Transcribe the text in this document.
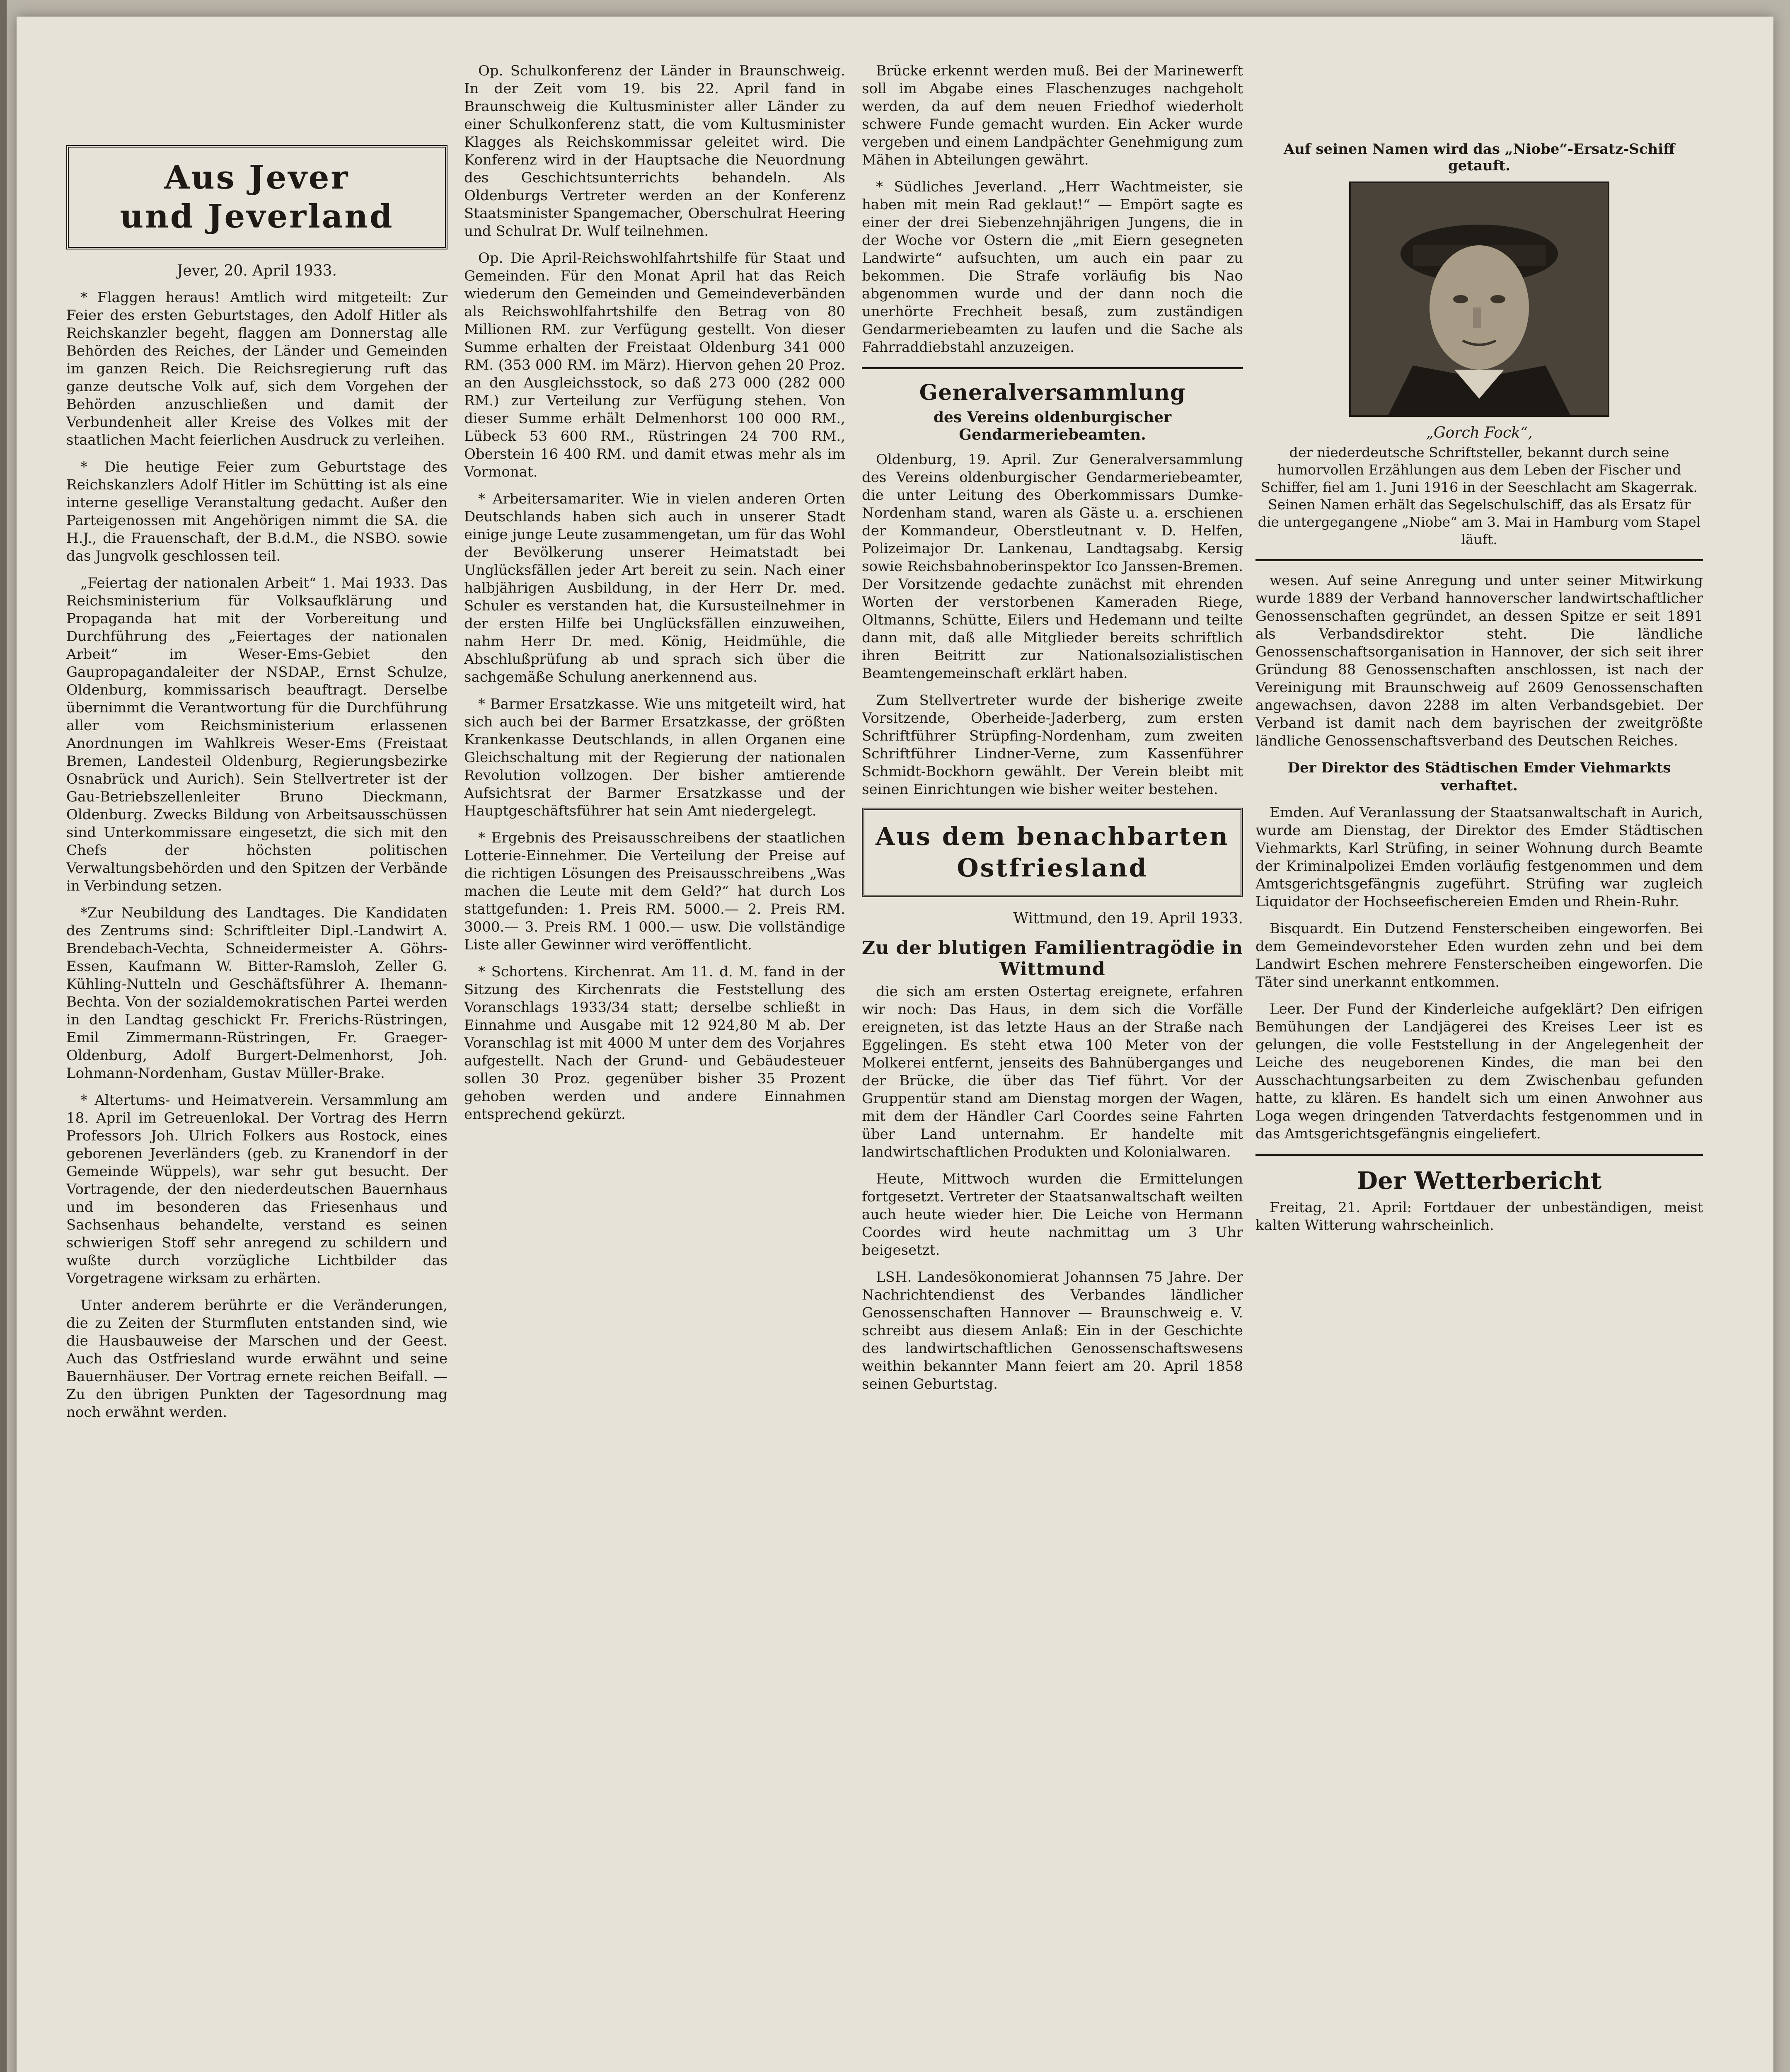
Aus Jever
und Jeverland

Jever, 20. April 1933.

* Flaggen heraus! Amtlich wird mitgeteilt: Zur Feier des ersten Geburtstages, den Adolf Hitler als Reichskanzler begeht, flaggen am Donnerstag alle Behörden des Reiches, der Länder und Gemeinden im ganzen Reich. Die Reichsregierung ruft das ganze deutsche Volk auf, sich dem Vorgehen der Behörden anzuschließen und damit der Verbundenheit aller Kreise des Volkes mit der staatlichen Macht feierlichen Ausdruck zu verleihen.

* Die heutige Feier zum Geburtstage des Reichskanzlers Adolf Hitler im Schütting ist als eine interne gesellige Veranstaltung gedacht. Außer den Parteigenossen mit Angehörigen nimmt die SA. die H.J., die Frauenschaft, der B.d.M., die NSBO. sowie das Jungvolk geschlossen teil.

„Feiertag der nationalen Arbeit“ 1. Mai 1933. Das Reichsministerium für Volksaufklärung und Propaganda hat mit der Vorbereitung und Durchführung des „Feiertages der nationalen Arbeit“ im Weser-Ems-Gebiet den Gaupropagandaleiter der NSDAP., Ernst Schulze, Oldenburg, kommissarisch beauftragt. Derselbe übernimmt die Verantwortung für die Durchführung aller vom Reichsministerium erlassenen Anordnungen im Wahlkreis Weser-Ems (Freistaat Bremen, Landesteil Oldenburg, Regierungsbezirke Osnabrück und Aurich). Sein Stellvertreter ist der Gau-Betriebszellenleiter Bruno Dieckmann, Oldenburg. Zwecks Bildung von Arbeitsausschüssen sind Unterkommissare eingesetzt, die sich mit den Chefs der höchsten politischen Verwaltungsbehörden und den Spitzen der Verbände in Verbindung setzen.

*Zur Neubildung des Landtages. Die Kandidaten des Zentrums sind: Schriftleiter Dipl.-Landwirt A. Brendebach-Vechta, Schneidermeister A. Göhrs-Essen, Kaufmann W. Bitter-Ramsloh, Zeller G. Kühling-Nutteln und Geschäftsführer A. Ihemann-Bechta. Von der sozialdemokratischen Partei werden in den Landtag geschickt Fr. Frerichs-Rüstringen, Emil Zimmermann-Rüstringen, Fr. Graeger-Oldenburg, Adolf Burgert-Delmenhorst, Joh. Lohmann-Nordenham, Gustav Müller-Brake.

* Altertums- und Heimatverein. Versammlung am 18. April im Getreuenlokal. Der Vortrag des Herrn Professors Joh. Ulrich Folkers aus Rostock, eines geborenen Jeverländers (geb. zu Kranendorf in der Gemeinde Wüppels), war sehr gut besucht. Der Vortragende, der den niederdeutschen Bauernhaus und im besonderen das Friesenhaus und Sachsenhaus behandelte, verstand es seinen schwierigen Stoff sehr anregend zu schildern und wußte durch vorzügliche Lichtbilder das Vorgetragene wirksam zu erhärten.

Unter anderem berührte er die Veränderungen, die zu Zeiten der Sturmfluten entstanden sind, wie die Hausbauweise der Marschen und der Geest. Auch das Ostfriesland wurde erwähnt und seine Bauernhäuser. Der Vortrag ernete reichen Beifall. — Zu den übrigen Punkten der Tagesordnung mag noch erwähnt werden.

Op. Schulkonferenz der Länder in Braunschweig. In der Zeit vom 19. bis 22. April fand in Braunschweig die Kultusminister aller Länder zu einer Schulkonferenz statt, die vom Kultusminister Klagges als Reichskommissar geleitet wird. Die Konferenz wird in der Hauptsache die Neuordnung des Geschichtsunterrichts behandeln. Als Oldenburgs Vertreter werden an der Konferenz Staatsminister Spangemacher, Oberschulrat Heering und Schulrat Dr. Wulf teilnehmen.

Op. Die April-Reichswohlfahrtshilfe für Staat und Gemeinden. Für den Monat April hat das Reich wiederum den Gemeinden und Gemeindeverbänden als Reichswohlfahrtshilfe den Betrag von 80 Millionen RM. zur Verfügung gestellt. Von dieser Summe erhalten der Freistaat Oldenburg 341 000 RM. (353 000 RM. im März). Hiervon gehen 20 Proz. an den Ausgleichsstock, so daß 273 000 (282 000 RM.) zur Verteilung zur Verfügung stehen. Von dieser Summe erhält Delmenhorst 100 000 RM., Lübeck 53 600 RM., Rüstringen 24 700 RM., Oberstein 16 400 RM. und damit etwas mehr als im Vormonat.

* Arbeitersamariter. Wie in vielen anderen Orten Deutschlands haben sich auch in unserer Stadt einige junge Leute zusammengetan, um für das Wohl der Bevölkerung unserer Heimatstadt bei Unglücksfällen jeder Art bereit zu sein. Nach einer halbjährigen Ausbildung, in der Herr Dr. med. Schuler es verstanden hat, die Kursusteilnehmer in der ersten Hilfe bei Unglücksfällen einzuweihen, nahm Herr Dr. med. König, Heidmühle, die Abschlußprüfung ab und sprach sich über die sachgemäße Schulung anerkennend aus.

* Barmer Ersatzkasse. Wie uns mitgeteilt wird, hat sich auch bei der Barmer Ersatzkasse, der größten Krankenkasse Deutschlands, in allen Organen eine Gleichschaltung mit der Regierung der nationalen Revolution vollzogen. Der bisher amtierende Aufsichtsrat der Barmer Ersatzkasse und der Hauptgeschäftsführer hat sein Amt niedergelegt.

* Ergebnis des Preisausschreibens der staatlichen Lotterie-Einnehmer. Die Verteilung der Preise auf die richtigen Lösungen des Preisausschreibens „Was machen die Leute mit dem Geld?“ hat durch Los stattgefunden: 1. Preis RM. 5000.— 2. Preis RM. 3000.— 3. Preis RM. 1 000.— usw. Die vollständige Liste aller Gewinner wird veröffentlicht.

* Schortens. Kirchenrat. Am 11. d. M. fand in der Sitzung des Kirchenrats die Feststellung des Voranschlags 1933/34 statt; derselbe schließt in Einnahme und Ausgabe mit 12 924,80 M ab. Der Voranschlag ist mit 4000 M unter dem des Vorjahres aufgestellt. Nach der Grund- und Gebäudesteuer sollen 30 Proz. gegenüber bisher 35 Prozent gehoben werden und andere Einnahmen entsprechend gekürzt.

Brücke erkennt werden muß. Bei der Marinewerft soll im Abgabe eines Flaschenzuges nachgeholt werden, da auf dem neuen Friedhof wiederholt schwere Funde gemacht wurden. Ein Acker wurde vergeben und einem Landpächter Genehmigung zum Mähen in Abteilungen gewährt.

* Südliches Jeverland. „Herr Wachtmeister, sie haben mit mein Rad geklaut!“ — Empört sagte es einer der drei Siebenzehnjährigen Jungens, die in der Woche vor Ostern die „mit Eiern gesegneten Landwirte“ aufsuchten, um auch ein paar zu bekommen. Die Strafe vorläufig bis Nao abgenommen wurde und der dann noch die unerhörte Frechheit besaß, zum zuständigen Gendarmeriebeamten zu laufen und die Sache als Fahrraddiebstahl anzuzeigen.

Generalversammlung
des Vereins oldenburgischer Gendarmeriebeamten.

Oldenburg, 19. April. Zur Generalversammlung des Vereins oldenburgischer Gendarmeriebeamter, die unter Leitung des Oberkommissars Dumke-Nordenham stand, waren als Gäste u. a. erschienen der Kommandeur, Oberstleutnant v. D. Helfen, Polizeimajor Dr. Lankenau, Landtagsabg. Kersig sowie Reichsbahnoberinspektor Ico Janssen-Bremen. Der Vorsitzende gedachte zunächst mit ehrenden Worten der verstorbenen Kameraden Riege, Oltmanns, Schütte, Eilers und Hedemann und teilte dann mit, daß alle Mitglieder bereits schriftlich ihren Beitritt zur Nationalsozialistischen Beamtengemeinschaft erklärt haben.

Zum Stellvertreter wurde der bisherige zweite Vorsitzende, Oberheide-Jaderberg, zum ersten Schriftführer Strüpfing-Nordenham, zum zweiten Schriftführer Lindner-Verne, zum Kassenführer Schmidt-Bockhorn gewählt. Der Verein bleibt mit seinen Einrichtungen wie bisher weiter bestehen.

Aus dem benachbarten
Ostfriesland

Wittmund, den 19. April 1933.

Zu der blutigen Familientragödie in Wittmund

die sich am ersten Ostertag ereignete, erfahren wir noch: Das Haus, in dem sich die Vorfälle ereigneten, ist das letzte Haus an der Straße nach Eggelingen. Es steht etwa 100 Meter von der Molkerei entfernt, jenseits des Bahnüberganges und der Brücke, die über das Tief führt. Vor der Gruppentür stand am Dienstag morgen der Wagen, mit dem der Händler Carl Coordes seine Fahrten über Land unternahm. Er handelte mit landwirtschaftlichen Produkten und Kolonialwaren.

Heute, Mittwoch wurden die Ermittelungen fortgesetzt. Vertreter der Staatsanwaltschaft weilten auch heute wieder hier. Die Leiche von Hermann Coordes wird heute nachmittag um 3 Uhr beigesetzt.

LSH. Landesökonomierat Johannsen 75 Jahre. Der Nachrichtendienst des Verbandes ländlicher Genossenschaften Hannover — Braunschweig e. V. schreibt aus diesem Anlaß: Ein in der Geschichte des landwirtschaftlichen Genossenschaftswesens weithin bekannter Mann feiert am 20. April 1858 seinen Geburtstag.

Auf seinen Namen wird das „Niobe“-Ersatz-Schiff getauft.
„Gorch Fock“,

der niederdeutsche Schriftsteller, bekannt durch seine humorvollen Erzählungen aus dem Leben der Fischer und Schiffer, fiel am 1. Juni 1916 in der Seeschlacht am Skagerrak. Seinen Namen erhält das Segelschulschiff, das als Ersatz für die untergegangene „Niobe“ am 3. Mai in Hamburg vom Stapel läuft.

wesen. Auf seine Anregung und unter seiner Mitwirkung wurde 1889 der Verband hannoverscher landwirtschaftlicher Genossenschaften gegründet, an dessen Spitze er seit 1891 als Verbandsdirektor steht. Die ländliche Genossenschaftsorganisation in Hannover, der sich seit ihrer Gründung 88 Genossenschaften anschlossen, ist nach der Vereinigung mit Braunschweig auf 2609 Genossenschaften angewachsen, davon 2288 im alten Verbandsgebiet. Der Verband ist damit nach dem bayrischen der zweitgrößte ländliche Genossenschaftsverband des Deutschen Reiches.

Der Direktor des Städtischen Emder Viehmarkts verhaftet.

Emden. Auf Veranlassung der Staatsanwaltschaft in Aurich, wurde am Dienstag, der Direktor des Emder Städtischen Viehmarkts, Karl Strüfing, in seiner Wohnung durch Beamte der Kriminalpolizei Emden vorläufig festgenommen und dem Amtsgerichtsgefängnis zugeführt. Strüfing war zugleich Liquidator der Hochseefischereien Emden und Rhein-Ruhr.

Bisquardt. Ein Dutzend Fensterscheiben eingeworfen. Bei dem Gemeindevorsteher Eden wurden zehn und bei dem Landwirt Eschen mehrere Fensterscheiben eingeworfen. Die Täter sind unerkannt entkommen.

Leer. Der Fund der Kinderleiche aufgeklärt? Den eifrigen Bemühungen der Landjägerei des Kreises Leer ist es gelungen, die volle Feststellung in der Angelegenheit der Leiche des neugeborenen Kindes, die man bei den Ausschachtungsarbeiten zu dem Zwischenbau gefunden hatte, zu klären. Es handelt sich um einen Anwohner aus Loga wegen dringenden Tatverdachts festgenommen und in das Amtsgerichtsgefängnis eingeliefert.

Der Wetterbericht

Freitag, 21. April: Fortdauer der unbeständigen, meist kalten Witterung wahrscheinlich.
